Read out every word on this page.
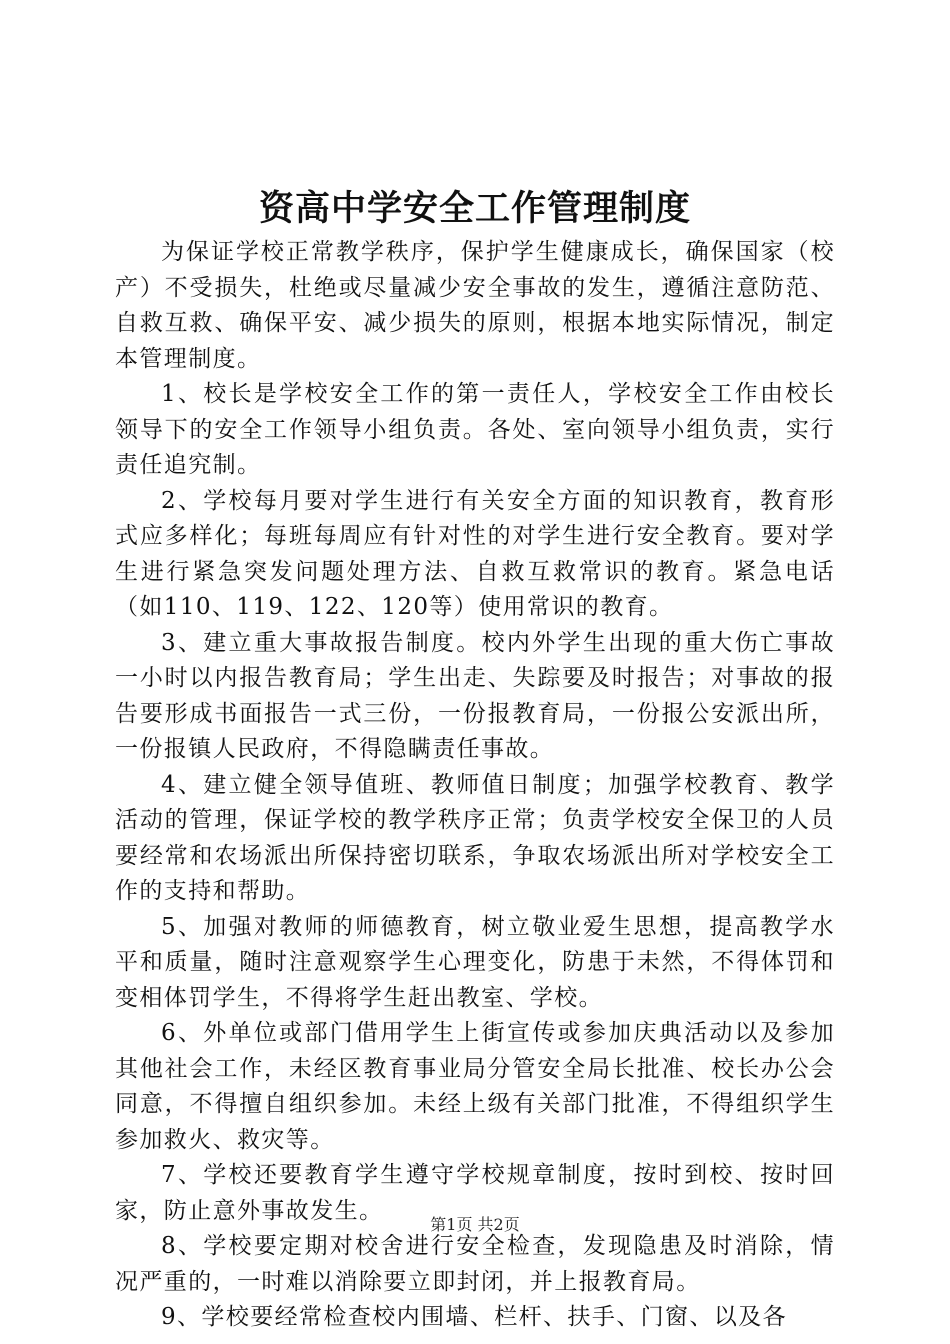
资高中学安全工作管理制度

为保证学校正常教学秩序，保护学生健康成长，确保国家（校产）不受损失，杜绝或尽量减少安全事故的发生，遵循注意防范、自救互救、确保平安、减少损失的原则，根据本地实际情况，制定本管理制度。

1、校长是学校安全工作的第一责任人，学校安全工作由校长领导下的安全工作领导小组负责。各处、室向领导小组负责，实行责任追究制。

2、学校每月要对学生进行有关安全方面的知识教育，教育形式应多样化；每班每周应有针对性的对学生进行安全教育。要对学生进行紧急突发问题处理方法、自救互救常识的教育。紧急电话（如110、119、122、120等）使用常识的教育。

3、建立重大事故报告制度。校内外学生出现的重大伤亡事故一小时以内报告教育局；学生出走、失踪要及时报告；对事故的报告要形成书面报告一式三份，一份报教育局，一份报公安派出所，一份报镇人民政府，不得隐瞒责任事故。

4、建立健全领导值班、教师值日制度；加强学校教育、教学活动的管理，保证学校的教学秩序正常；负责学校安全保卫的人员要经常和农场派出所保持密切联系，争取农场派出所对学校安全工作的支持和帮助。

5、加强对教师的师德教育，树立敬业爱生思想，提高教学水平和质量，随时注意观察学生心理变化，防患于未然，不得体罚和变相体罚学生，不得将学生赶出教室、学校。

6、外单位或部门借用学生上街宣传或参加庆典活动以及参加其他社会工作，未经区教育事业局分管安全局长批准、校长办公会同意，不得擅自组织参加。未经上级有关部门批准，不得组织学生参加救火、救灾等。

7、学校还要教育学生遵守学校规章制度，按时到校、按时回家，防止意外事故发生。

8、学校要定期对校舍进行安全检查，发现隐患及时消除，情况严重的，一时难以消除要立即封闭，并上报教育局。

9、学校要经常检查校内围墙、栏杆、扶手、门窗、以及各

第1页 共2页
